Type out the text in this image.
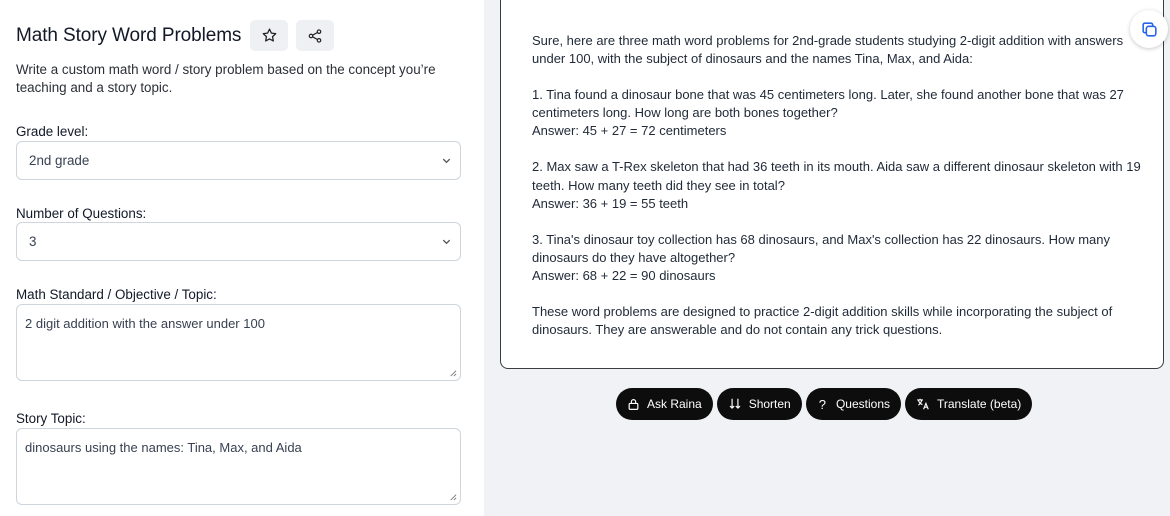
Math Story Word Problems

Write a custom math word / story problem based on the concept you’re teaching and a story topic.

Grade level:
2nd grade
Number of Questions:
3
Math Standard / Objective / Topic:
2 digit addition with the answer under 100
Story Topic:
dinosaurs using the names: Tina, Max, and Aida

Sure, here are three math word problems for 2nd-grade students studying 2-digit addition with answers under 100, with the subject of dinosaurs and the names Tina, Max, and Aida:

1. Tina found a dinosaur bone that was 45 centimeters long. Later, she found another bone that was 27 centimeters long. How long are both bones together?
Answer: 45 + 27 = 72 centimeters

2. Max saw a T-Rex skeleton that had 36 teeth in its mouth. Aida saw a different dinosaur skeleton with 19 teeth. How many teeth did they see in total?
Answer: 36 + 19 = 55 teeth

3. Tina's dinosaur toy collection has 68 dinosaurs, and Max's collection has 22 dinosaurs. How many dinosaurs do they have altogether?
Answer: 68 + 22 = 90 dinosaurs

These word problems are designed to practice 2-digit addition skills while incorporating the subject of dinosaurs. They are answerable and do not contain any trick questions.

Ask Raina	Shorten ? Questions	Translate (beta)
